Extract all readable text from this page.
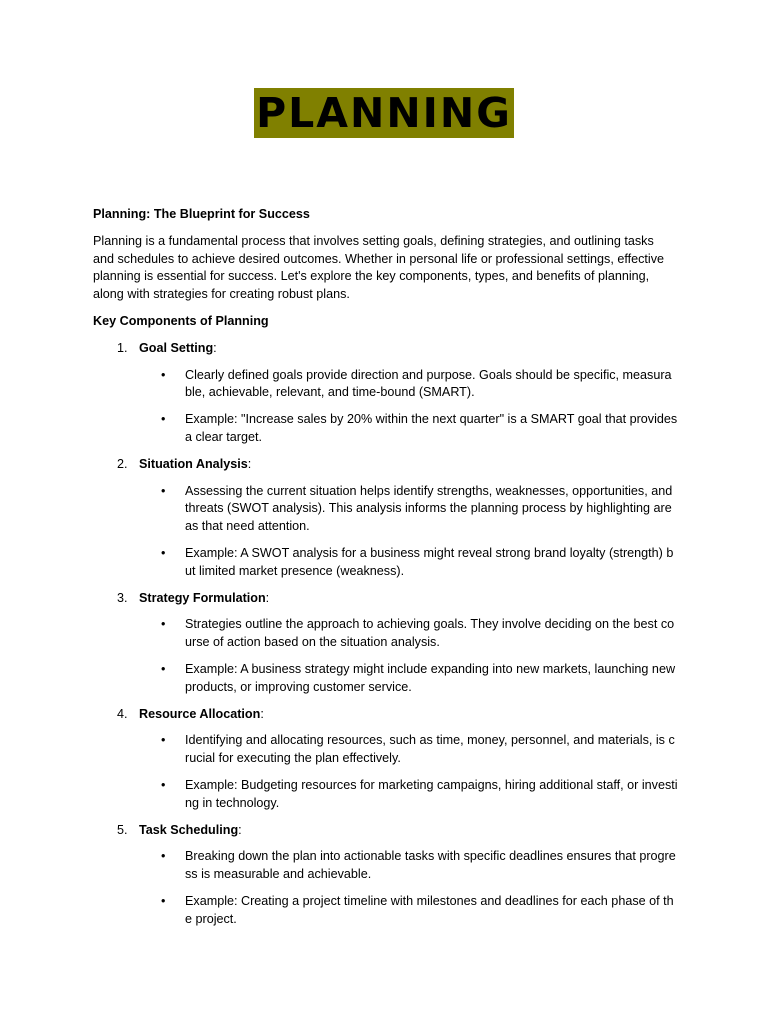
PLANNING

Planning: The Blueprint for Success

Planning is a fundamental process that involves setting goals, defining strategies, and outlining tasks and schedules to achieve desired outcomes. Whether in personal life or professional settings, effective planning is essential for success. Let's explore the key components, types, and benefits of planning, along with strategies for creating robust plans.

Key Components of Planning

1. Goal Setting:
• Clearly defined goals provide direction and purpose. Goals should be specific, measurable, achievable, relevant, and time-bound (SMART).
• Example: "Increase sales by 20% within the next quarter" is a SMART goal that provides a clear target.
2. Situation Analysis:
• Assessing the current situation helps identify strengths, weaknesses, opportunities, and threats (SWOT analysis). This analysis informs the planning process by highlighting areas that need attention.
• Example: A SWOT analysis for a business might reveal strong brand loyalty (strength) but limited market presence (weakness).
3. Strategy Formulation:
• Strategies outline the approach to achieving goals. They involve deciding on the best course of action based on the situation analysis.
• Example: A business strategy might include expanding into new markets, launching new products, or improving customer service.
4. Resource Allocation:
• Identifying and allocating resources, such as time, money, personnel, and materials, is crucial for executing the plan effectively.
• Example: Budgeting resources for marketing campaigns, hiring additional staff, or investing in technology.
5. Task Scheduling:
• Breaking down the plan into actionable tasks with specific deadlines ensures that progress is measurable and achievable.
• Example: Creating a project timeline with milestones and deadlines for each phase of the project.
